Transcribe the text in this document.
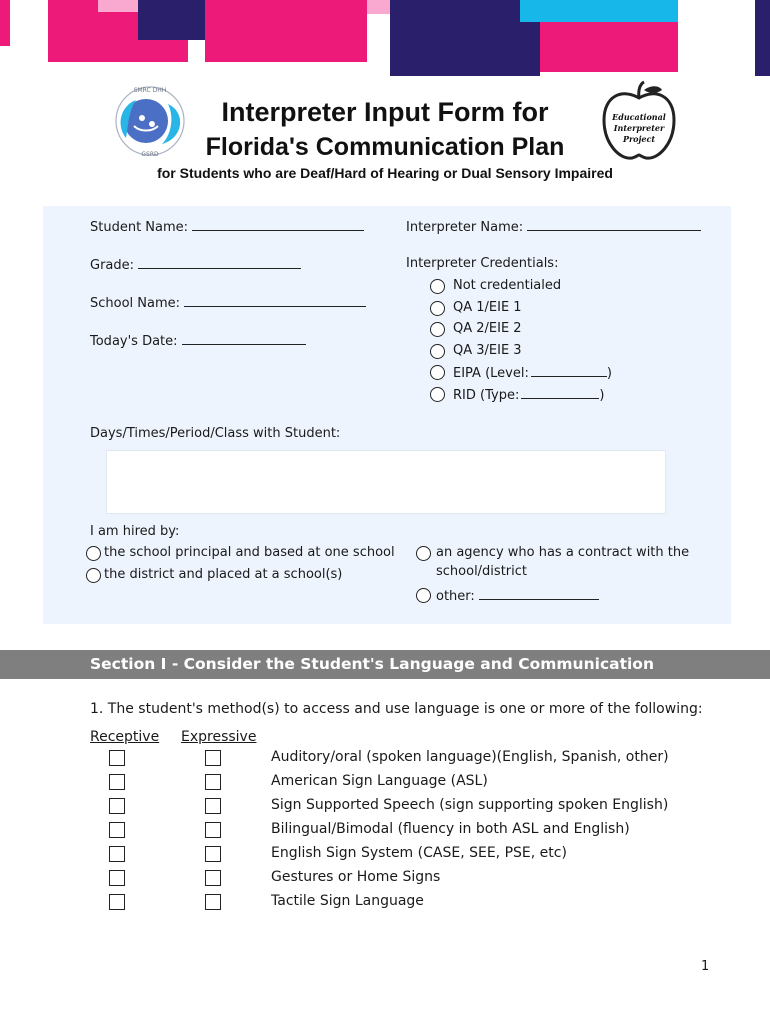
SMRC DHH
GSRD
Educational
Interpreter
Project
Interpreter Input Form for
Florida's Communication Plan
for Students who are Deaf/Hard of Hearing or Dual Sensory Impaired
Student Name:	Interpreter Name:
Grade:
School Name:
Today's Date:
Interpreter Credentials:
Not credentialed
QA 1/EIE 1
QA 2/EIE 2
QA 3/EIE 3
EIPA (Level:	)
RID (Type:	)
Days/Times/Period/Class with Student:
I am hired by:
the school principal and based at one school
the district and placed at a school(s)
an agency who has a contract with the
school/district
other:
Section I - Consider the Student's Language and Communication
1. The student's method(s) to access and use language is one or more of the following:
Receptive Expressive
Auditory/oral (spoken language)(English, Spanish, other)
American Sign Language (ASL)
Sign Supported Speech (sign supporting spoken English)
Bilingual/Bimodal (fluency in both ASL and English)
English Sign System (CASE, SEE, PSE, etc)
Gestures or Home Signs
Tactile Sign Language
1
